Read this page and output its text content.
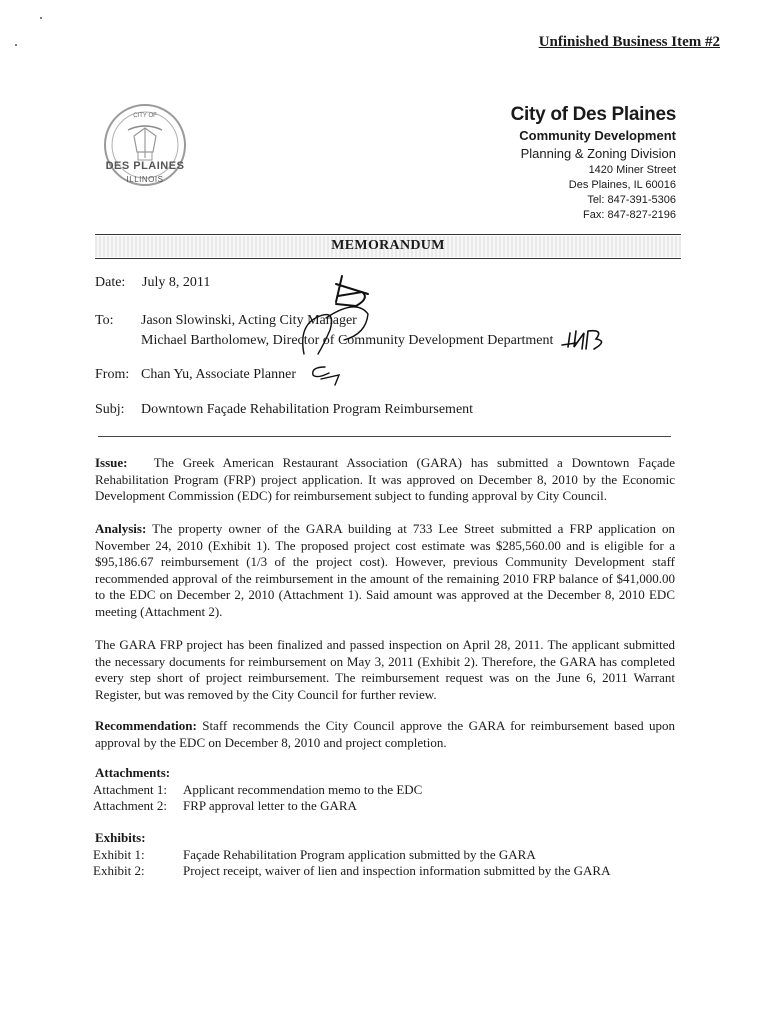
Unfinished Business Item #2
CITY OF
DES PLAINES
ILLINOIS
City of Des Plaines
Community Development
Planning & Zoning Division
1420 Miner Street
Des Plaines, IL 60016
Tel: 847-391-5306
Fax: 847-827-2196
MEMORANDUM
Date: July 8, 2011
To: Jason Slowinski, Acting City Manager
Michael Bartholomew, Director of Community Development Department
From: Chan Yu, Associate Planner
Subj: Downtown Façade Rehabilitation Program Reimbursement
Issue: The Greek American Restaurant Association (GARA) has submitted a Downtown Façade Rehabilitation Program (FRP) project application. It was approved on December 8, 2010 by the Economic Development Commission (EDC) for reimbursement subject to funding approval by City Council.
Analysis: The property owner of the GARA building at 733 Lee Street submitted a FRP application on November 24, 2010 (Exhibit 1). The proposed project cost estimate was $285,560.00 and is eligible for a $95,186.67 reimbursement (1/3 of the project cost). However, previous Community Development staff recommended approval of the reimbursement in the amount of the remaining 2010 FRP balance of $41,000.00 to the EDC on December 2, 2010 (Attachment 1). Said amount was approved at the December 8, 2010 EDC meeting (Attachment 2).
The GARA FRP project has been finalized and passed inspection on April 28, 2011. The applicant submitted the necessary documents for reimbursement on May 3, 2011 (Exhibit 2). Therefore, the GARA has completed every step short of project reimbursement. The reimbursement request was on the June 6, 2011 Warrant Register, but was removed by the City Council for further review.
Recommendation: Staff recommends the City Council approve the GARA for reimbursement based upon approval by the EDC on December 8, 2010 and project completion.
Attachments:
Attachment 1: Applicant recommendation memo to the EDC
Attachment 2: FRP approval letter to the GARA
Exhibits:
Exhibit 1:	Façade Rehabilitation Program application submitted by the GARA
Exhibit 2:	Project receipt, waiver of lien and inspection information submitted by the GARA
